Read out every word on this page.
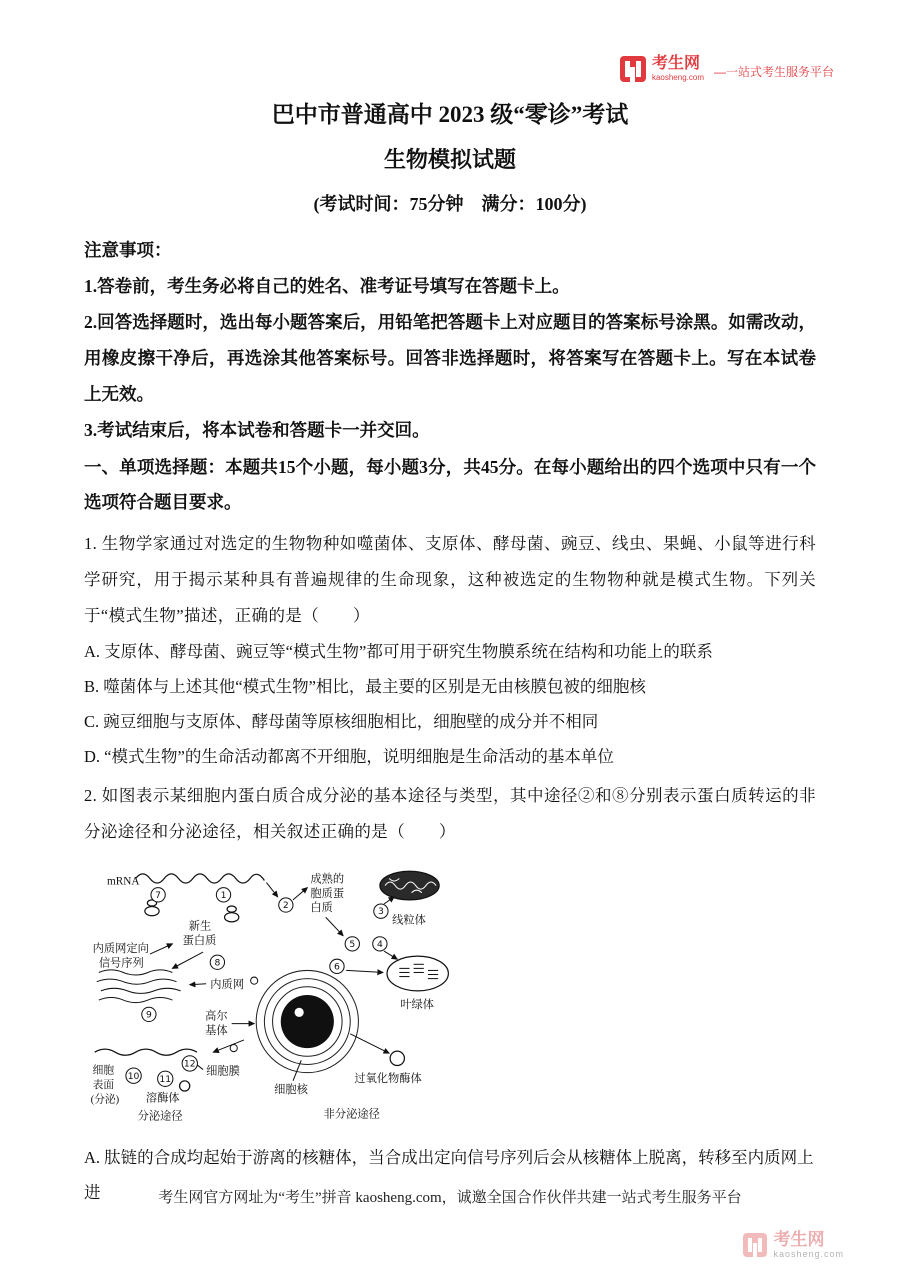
考生网
kaosheng.com —一站式考生服务平台
巴中市普通高中 2023 级“零诊”考试
生物模拟试题

(考试时间：75分钟　满分：100分)

注意事项：

1.答卷前，考生务必将自己的姓名、准考证号填写在答题卡上。

2.回答选择题时，选出每小题答案后，用铅笔把答题卡上对应题目的答案标号涂黑。如需改动，用橡皮擦干净后，再选涂其他答案标号。回答非选择题时，将答案写在答题卡上。写在本试卷上无效。

3.考试结束后，将本试卷和答题卡一并交回。

一、单项选择题：本题共15个小题，每小题3分，共45分。在每小题给出的四个选项中只有一个选项符合题目要求。

1. 生物学家通过对选定的生物物种如噬菌体、支原体、酵母菌、豌豆、线虫、果蝇、小鼠等进行科学研究，用于揭示某种具有普遍规律的生命现象，这种被选定的生物物种就是模式生物。下列关于“模式生物”描述，正确的是（　　）

A. 支原体、酵母菌、豌豆等“模式生物”都可用于研究生物膜系统在结构和功能上的联系

B. 噬菌体与上述其他“模式生物”相比，最主要的区别是无由核膜包被的细胞核

C. 豌豆细胞与支原体、酵母菌等原核细胞相比，细胞壁的成分并不相同

D. “模式生物”的生命活动都离不开细胞，说明细胞是生命活动的基本单位

2. 如图表示某细胞内蛋白质合成分泌的基本途径与类型，其中途径②和⑧分别表示蛋白质转运的非分泌途径和分泌途径，相关叙述正确的是（　　）

mRNA
7	1
2
新生
蛋白质
成熟的
胞质蛋
白质	3
线粒体
5 4
6
叶绿体
内质网定向
信号序列	8
内质网
9	高尔
基体
细胞核
细胞膜
10 11
12
细胞
表面
(分泌) 溶酶体
分泌途径
过氧化物酶体
非分泌途径

A. 肽链的合成均起始于游离的核糖体，当合成出定向信号序列后会从核糖体上脱离，转移至内质网上进	考生网官方网址为“考生”拼音 kaosheng.com，诚邀全国合作伙伴共建一站式考生服务平台
考生网
kaosheng.com
